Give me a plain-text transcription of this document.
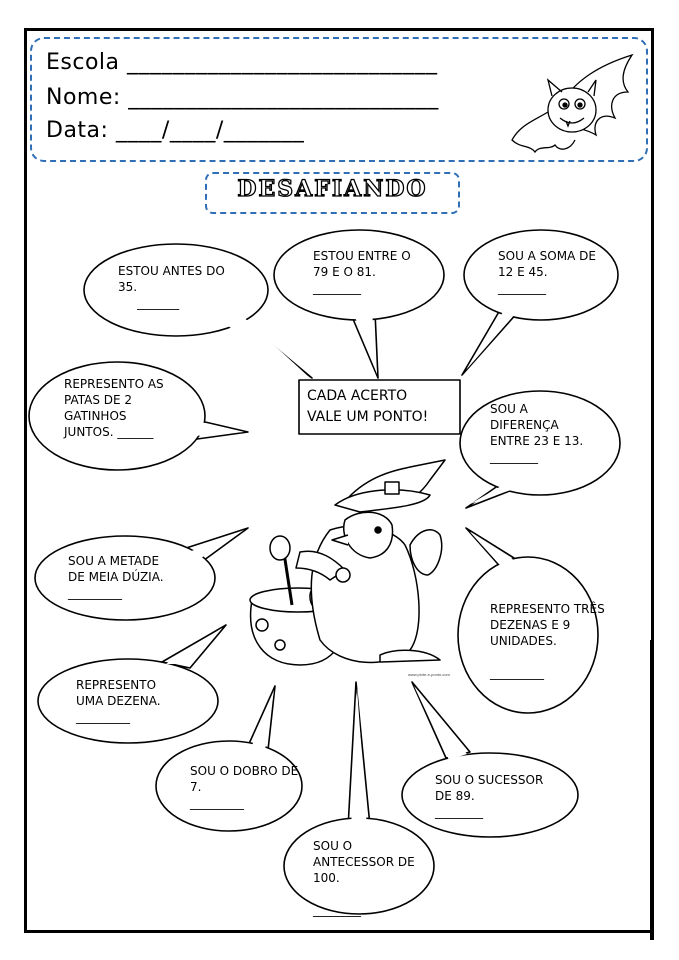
Escola ___________________________
Nome: ___________________________
Data: ____/____/_______
DESAFIANDO
ESTOU ANTES DO
35.
_______
ESTOU ENTRE O
79 E O 81.
________
SOU A SOMA DE
12 E 45.
________
REPRESENTO AS
PATAS DE 2
GATINHOS
JUNTOS. ______
SOU A
DIFERENÇA
ENTRE 23 E 13.
________
SOU A METADE
DE MEIA DÚZIA.
_________
REPRESENTO TRÊS
DEZENAS E 9
UNIDADES.

_________
REPRESENTO
UMA DEZENA.
_________
SOU O DOBRO DE
7.
_________
SOU O SUCESSOR
DE 89.
________
SOU O
ANTECESSOR DE
100.

________
CADA ACERTO
VALE UM PONTO!
www.pinte-e-ponto.com
